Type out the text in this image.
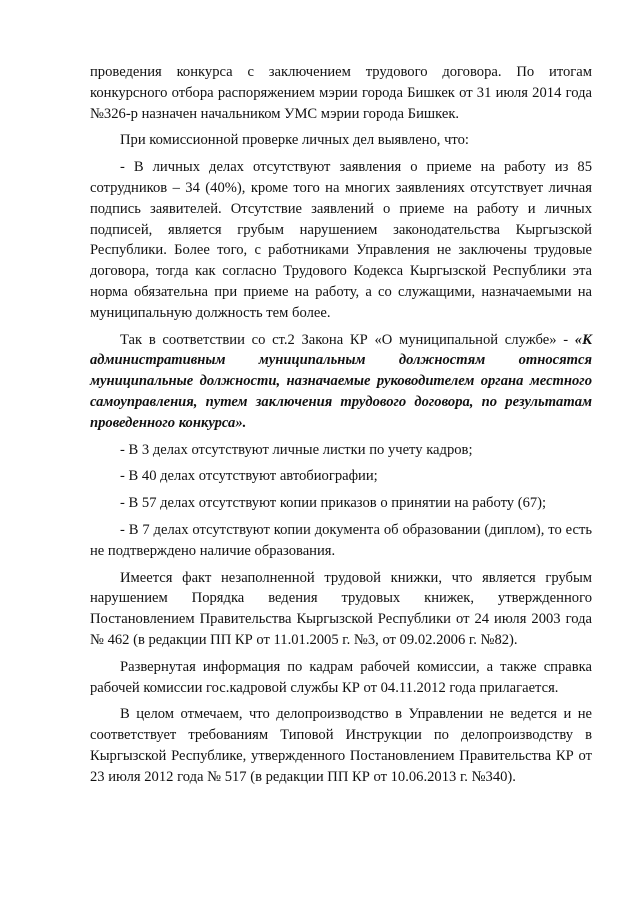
проведения конкурса с заключением трудового договора. По итогам конкурсного отбора распоряжением мэрии города Бишкек от 31 июля 2014 года №326-р назначен начальником УМС мэрии города Бишкек.

При комиссионной проверке личных дел выявлено, что:

- В личных делах отсутствуют заявления о приеме на работу из 85 сотрудников – 34 (40%), кроме того на многих заявлениях отсутствует личная подпись заявителей. Отсутствие заявлений о приеме на работу и личных подписей, является грубым нарушением законодательства Кыргызской Республики. Более того, с работниками Управления не заключены трудовые договора, тогда как согласно Трудового Кодекса Кыргызской Республики эта норма обязательна при приеме на работу, а со служащими, назначаемыми на муниципальную должность тем более.

Так в соответствии со ст.2 Закона КР «О муниципальной службе» - «К административным муниципальным должностям относятся муниципальные должности, назначаемые руководителем органа местного самоуправления, путем заключения трудового договора, по результатам проведенного конкурса».

- В 3 делах отсутствуют личные листки по учету кадров;

- В 40 делах отсутствуют автобиографии;

- В 57 делах отсутствуют копии приказов о принятии на работу (67);

- В 7 делах отсутствуют копии документа об образовании (диплом), то есть не подтверждено наличие образования.

Имеется факт незаполненной трудовой книжки, что является грубым нарушением Порядка ведения трудовых книжек, утвержденного Постановлением Правительства Кыргызской Республики от 24 июля 2003 года № 462 (в редакции ПП КР от 11.01.2005 г. №3, от 09.02.2006 г. №82).

Развернутая информация по кадрам рабочей комиссии, а также справка рабочей комиссии гос.кадровой службы КР от 04.11.2012 года прилагается.

В целом отмечаем, что делопроизводство в Управлении не ведется и не соответствует требованиям Типовой Инструкции по делопроизводству в Кыргызской Республике, утвержденного Постановлением Правительства КР от 23 июля 2012 года № 517 (в редакции ПП КР от 10.06.2013 г. №340).
